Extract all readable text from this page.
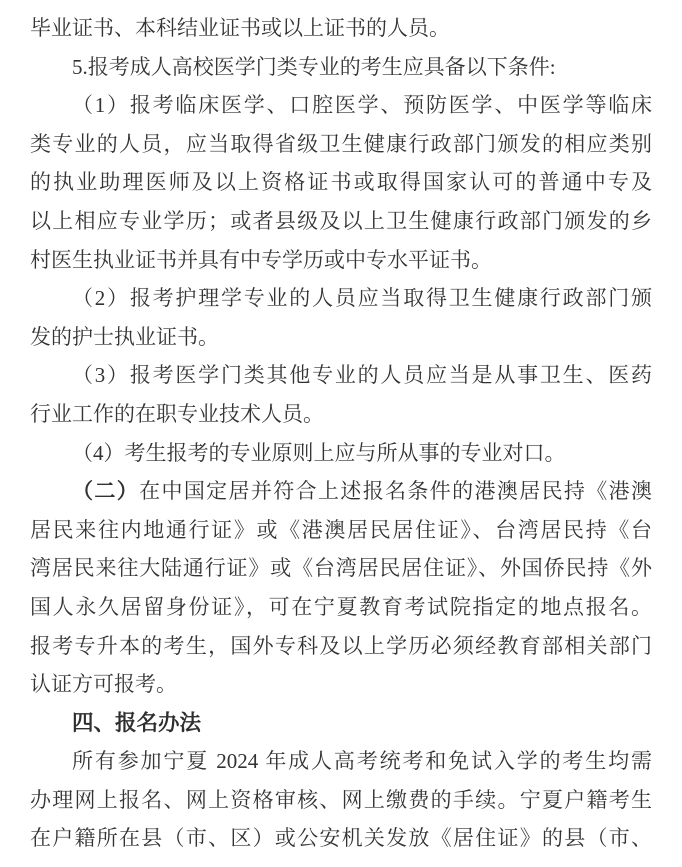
毕业证书、本科结业证书或以上证书的人员。
5.报考成人高校医学门类专业的考生应具备以下条件:
（1）报考临床医学、口腔医学、预防医学、中医学等临床
类专业的人员，应当取得省级卫生健康行政部门颁发的相应类别
的执业助理医师及以上资格证书或取得国家认可的普通中专及
以上相应专业学历；或者县级及以上卫生健康行政部门颁发的乡
村医生执业证书并具有中专学历或中专水平证书。
（2）报考护理学专业的人员应当取得卫生健康行政部门颁
发的护士执业证书。
（3）报考医学门类其他专业的人员应当是从事卫生、医药
行业工作的在职专业技术人员。
（4）考生报考的专业原则上应与所从事的专业对口。
（二）在中国定居并符合上述报名条件的港澳居民持《港澳
居民来往内地通行证》或《港澳居民居住证》、台湾居民持《台
湾居民来往大陆通行证》或《台湾居民居住证》、外国侨民持《外
国人永久居留身份证》，可在宁夏教育考试院指定的地点报名。
报考专升本的考生，国外专科及以上学历必须经教育部相关部门
认证方可报考。
四、报名办法
所有参加宁夏 2024 年成人高考统考和免试入学的考生均需
办理网上报名、网上资格审核、网上缴费的手续。宁夏户籍考生
在户籍所在县（市、区）或公安机关发放《居住证》的县（市、
